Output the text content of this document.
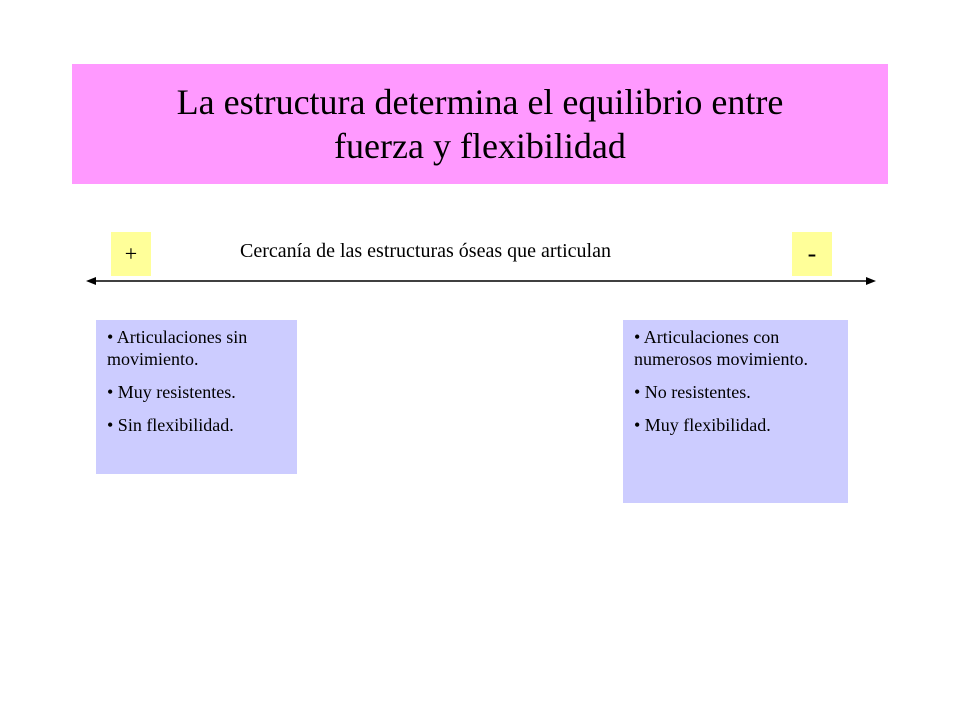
La estructura determina el equilibrio entre
fuerza y flexibilidad
+	Cercanía de las estructuras óseas que articulan	-

• Articulaciones sin movimiento.

• Muy resistentes.

• Sin flexibilidad.

• Articulaciones con numerosos movimiento.

• No resistentes.

• Muy flexibilidad.
